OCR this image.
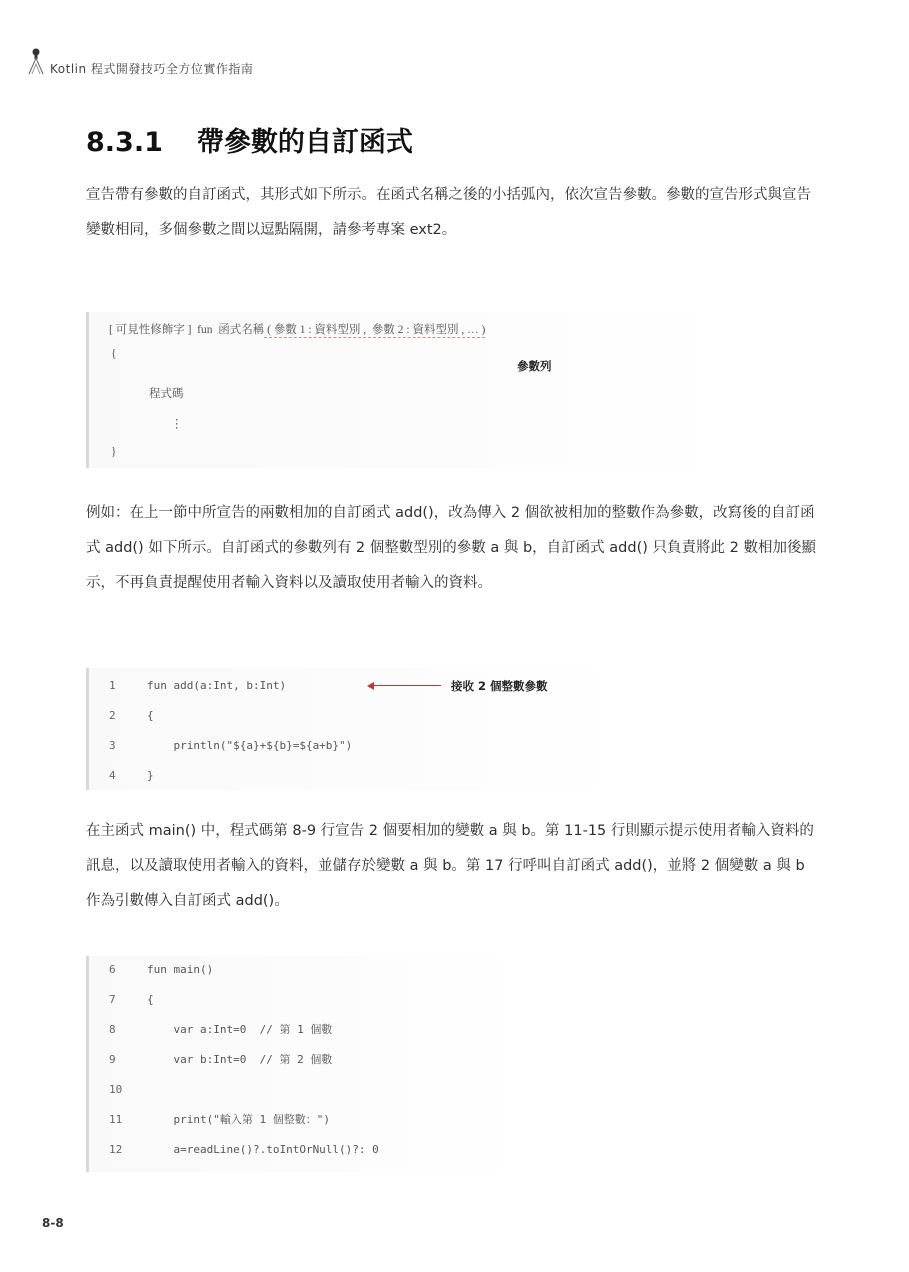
Kotlin 程式開發技巧全方位實作指南
8.3.1 帶參數的自訂函式

宣告帶有參數的自訂函式，其形式如下所示。在函式名稱之後的小括弧內，依次宣告參數。參數的宣告形式與宣告變數相同，多個參數之間以逗點隔開，請參考專案 ext2。

[ 可見性修飾字 ]  fun  函式名稱 ( 參數 1 : 資料型別 ,  參數 2 : 資料型別 , … )
{
參數列
程式碼
⋮
}

例如：在上一節中所宣告的兩數相加的自訂函式 add()，改為傳入 2 個欲被相加的整數作為參數，改寫後的自訂函式 add() 如下所示。自訂函式的參數列有 2 個整數型別的參數 a 與 b，自訂函式 add() 只負責將此 2 數相加後顯示，不再負責提醒使用者輸入資料以及讀取使用者輸入的資料。

1	fun add(a:Int, b:Int)
2	{
3	println("${a}+${b}=${a+b}")
4	}
接收 2 個整數參數

在主函式 main() 中，程式碼第 8-9 行宣告 2 個要相加的變數 a 與 b。第 11-15 行則顯示提示使用者輸入資料的訊息，以及讀取使用者輸入的資料，並儲存於變數 a 與 b。第 17 行呼叫自訂函式 add()，並將 2 個變數 a 與 b 作為引數傳入自訂函式 add()。

6	fun main()
7	{
8	var a:Int=0  // 第 1 個數
9	var b:Int=0  // 第 2 個數
10
11    print("輸入第 1 個整數：")
12    a=readLine()?.toIntOrNull()?: 0
8-8
